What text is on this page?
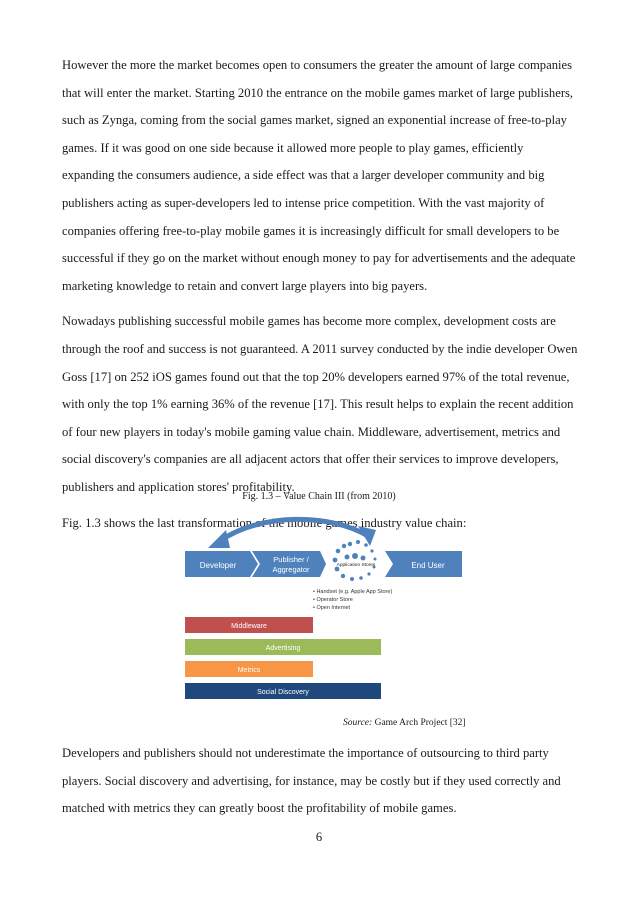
However the more the market becomes open to consumers the greater the amount of large companies that will enter the market. Starting 2010 the entrance on the mobile games market of large publishers, such as Zynga, coming from the social games market, signed an exponential increase of free-to-play games. If it was good on one side because it allowed more people to play games, efficiently expanding the consumers audience, a side effect was that a larger developer community and big publishers acting as super-developers led to intense price competition. With the vast majority of companies offering free-to-play mobile games it is increasingly difficult for small developers to be successful if they go on the market without enough money to pay for advertisements and the adequate marketing knowledge to retain and convert large players into big payers.

Nowadays publishing successful mobile games has become more complex, development costs are through the roof and success is not guaranteed. A 2011 survey conducted by the indie developer Owen Goss [17] on 252 iOS games found out that the top 20% developers earned 97% of the total revenue, with only the top 1% earning 36% of the revenue [17]. This result helps to explain the recent addition of four new players in today's mobile gaming value chain. Middleware, advertisement, metrics and social discovery's companies are all adjacent actors that offer their services to improve developers, publishers and application stores' profitability.

Fig. 1.3 shows the last transformation of the mobile games industry value chain:

Fig. 1.3 – Value Chain III (from 2010)
Developer
Publisher /
Aggregator	Application Stores	End User
• Handset (e.g. Apple App Store)
• Operator Store
• Open Internet
Middleware
Advertising
Metrics
Social Discovery
Source: Game Arch Project [32]

Developers and publishers should not underestimate the importance of outsourcing to third party players. Social discovery and advertising, for instance, may be costly but if they used correctly and matched with metrics they can greatly boost the profitability of mobile games.

6
